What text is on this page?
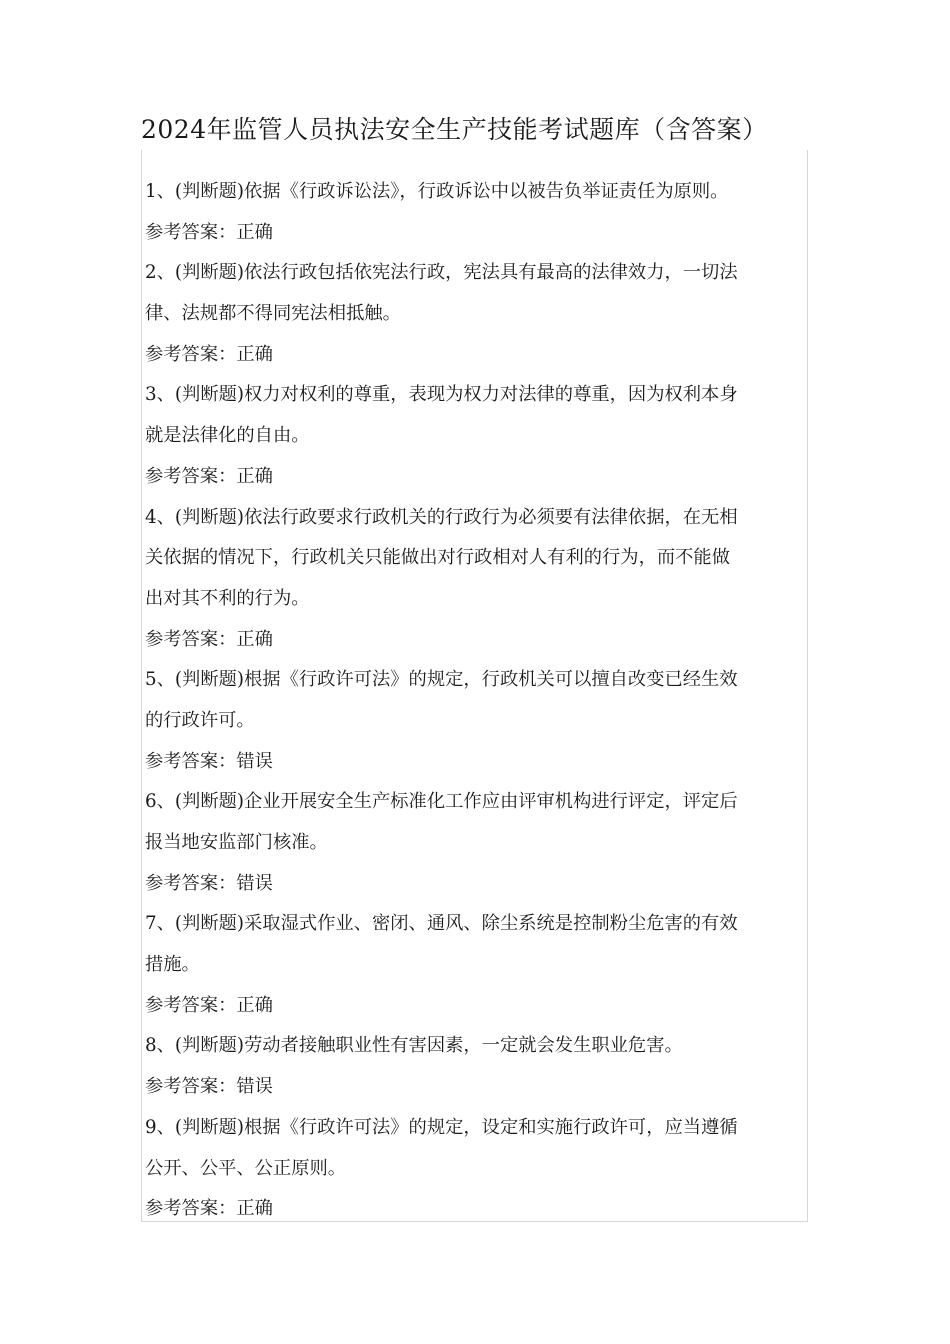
2024年监管人员执法安全生产技能考试题库（含答案）
1、(判断题)依据《行政诉讼法》，行政诉讼中以被告负举证责任为原则。
参考答案：正确
2、(判断题)依法行政包括依宪法行政，宪法具有最高的法律效力，一切法
律、法规都不得同宪法相抵触。
参考答案：正确
3、(判断题)权力对权利的尊重，表现为权力对法律的尊重，因为权利本身
就是法律化的自由。
参考答案：正确
4、(判断题)依法行政要求行政机关的行政行为必须要有法律依据，在无相
关依据的情况下，行政机关只能做出对行政相对人有利的行为，而不能做
出对其不利的行为。
参考答案：正确
5、(判断题)根据《行政许可法》的规定，行政机关可以擅自改变已经生效
的行政许可。
参考答案：错误
6、(判断题)企业开展安全生产标准化工作应由评审机构进行评定，评定后
报当地安监部门核准。
参考答案：错误
7、(判断题)采取湿式作业、密闭、通风、除尘系统是控制粉尘危害的有效
措施。
参考答案：正确
8、(判断题)劳动者接触职业性有害因素，一定就会发生职业危害。
参考答案：错误
9、(判断题)根据《行政许可法》的规定，设定和实施行政许可，应当遵循
公开、公平、公正原则。
参考答案：正确
